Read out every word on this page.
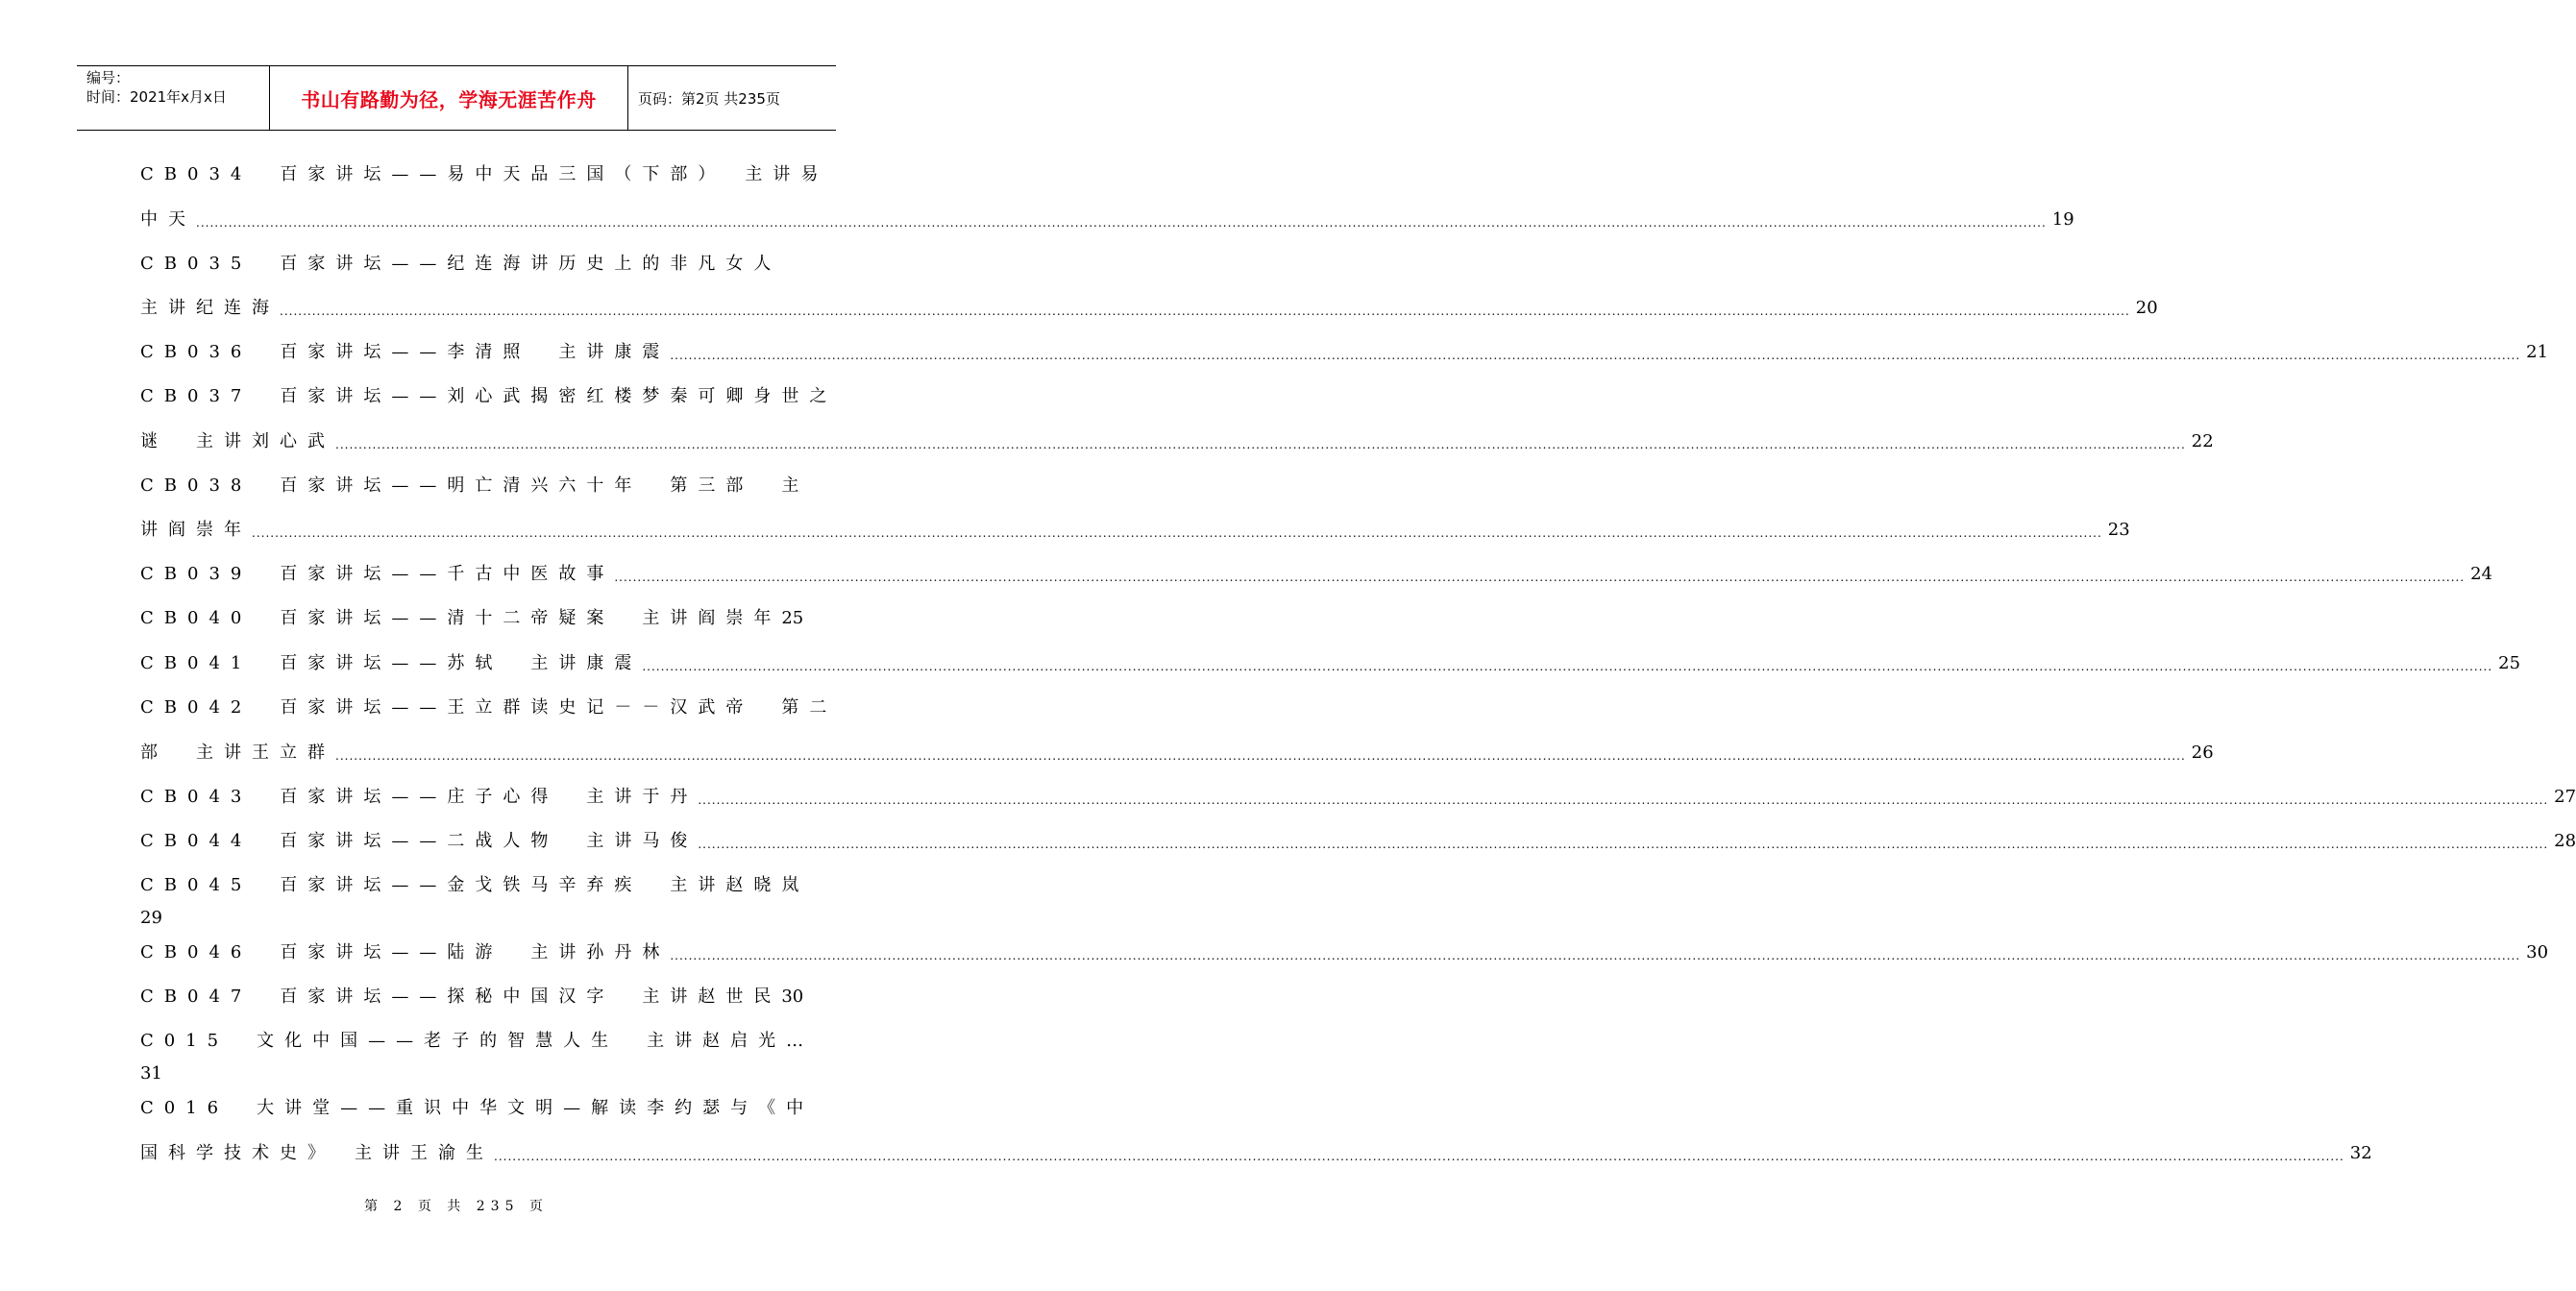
编号：
时间：2021年x月x日	书山有路勤为径，学海无涯苦作舟	页码：第2页 共235页
CB034　百家讲坛——易中天品三国（下部）　主讲易
中天 ................................................................................................................................................................................................................................................................................................................................................................................................................ 19
CB035　百家讲坛——纪连海讲历史上的非凡女人
主讲纪连海 ................................................................................................................................................................................................................................................................................................................................................................................................................ 20
CB036　百家讲坛——李清照　主讲康震 ................................................................................................................................................................................................................................................................................................................................................................................................................ 21
CB037　百家讲坛——刘心武揭密红楼梦秦可卿身世之
谜　主讲刘心武 ................................................................................................................................................................................................................................................................................................................................................................................................................ 22
CB038　百家讲坛——明亡清兴六十年　第三部　主
讲阎崇年 ................................................................................................................................................................................................................................................................................................................................................................................................................ 23
CB039　百家讲坛——千古中医故事 ................................................................................................................................................................................................................................................................................................................................................................................................................ 24
CB040　百家讲坛——清十二帝疑案　主讲阎崇年 25
CB041　百家讲坛——苏轼　主讲康震 ................................................................................................................................................................................................................................................................................................................................................................................................................ 25
CB042　百家讲坛——王立群读史记－－汉武帝　第二
部　主讲王立群 ................................................................................................................................................................................................................................................................................................................................................................................................................ 26
CB043　百家讲坛——庄子心得　主讲于丹 ................................................................................................................................................................................................................................................................................................................................................................................................................ 27
CB044　百家讲坛——二战人物　主讲马俊 ................................................................................................................................................................................................................................................................................................................................................................................................................ 28
CB045　百家讲坛——金戈铁马辛弃疾　主讲赵晓岚
29
CB046　百家讲坛——陆游　主讲孙丹林 ................................................................................................................................................................................................................................................................................................................................................................................................................ 30
CB047　百家讲坛——探秘中国汉字　主讲赵世民 30
C015　文化中国——老子的智慧人生　主讲赵启光…
31
C016　大讲堂——重识中华文明—解读李约瑟与《中
国科学技术史》　主讲王渝生 ................................................................................................................................................................................................................................................................................................................................................................................................................ 32
第 2 页 共 235 页
